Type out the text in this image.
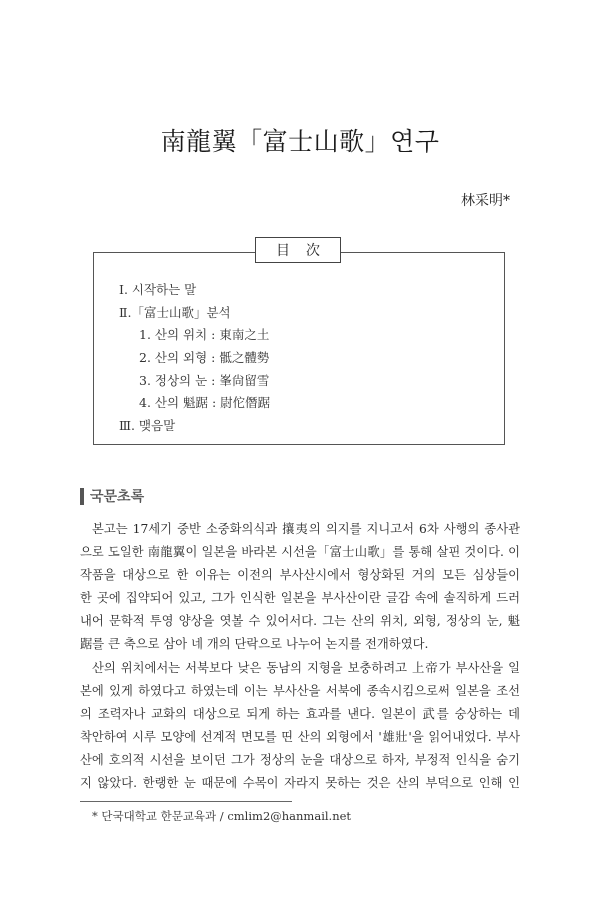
南龍翼「富士山歌」연구
林采明*
目 次
Ⅰ. 시작하는 말
Ⅱ.「富士山歌」분석
1. 산의 위치 : 東南之土
2. 산의 외형 : 骶之體勢
3. 정상의 눈 : 峯尙留雪
4. 산의 魁踞 : 尉佗僭踞
Ⅲ. 맺음말
국문초록
본고는 17세기 중반 소중화의식과 攘夷의 의지를 지니고서 6차 사행의 종사관
으로 도일한 南龍翼이 일본을 바라본 시선을「富士山歌」를 통해 살핀 것이다. 이
작품을 대상으로 한 이유는 이전의 부사산시에서 형상화된 거의 모든 심상들이
한 곳에 집약되어 있고, 그가 인식한 일본을 부사산이란 글감 속에 솔직하게 드러
내어 문학적 투영 양상을 엿볼 수 있어서다. 그는 산의 위치, 외형, 정상의 눈, 魁
踞를 큰 축으로 삼아 네 개의 단락으로 나누어 논지를 전개하였다.
산의 위치에서는 서북보다 낮은 동남의 지형을 보충하려고 上帝가 부사산을 일
본에 있게 하였다고 하였는데 이는 부사산을 서북에 종속시킴으로써 일본을 조선
의 조력자나 교화의 대상으로 되게 하는 효과를 낸다. 일본이 武를 숭상하는 데
착안하여 시루 모양에 선계적 면모를 띤 산의 외형에서 '雄壯'을 읽어내었다. 부사
산에 호의적 시선을 보이던 그가 정상의 눈을 대상으로 하자, 부정적 인식을 숨기
지 않았다. 한랭한 눈 때문에 수목이 자라지 못하는 것은 산의 부덕으로 인해 인
* 단국대학교 한문교육과 / cmlim2@hanmail.net
